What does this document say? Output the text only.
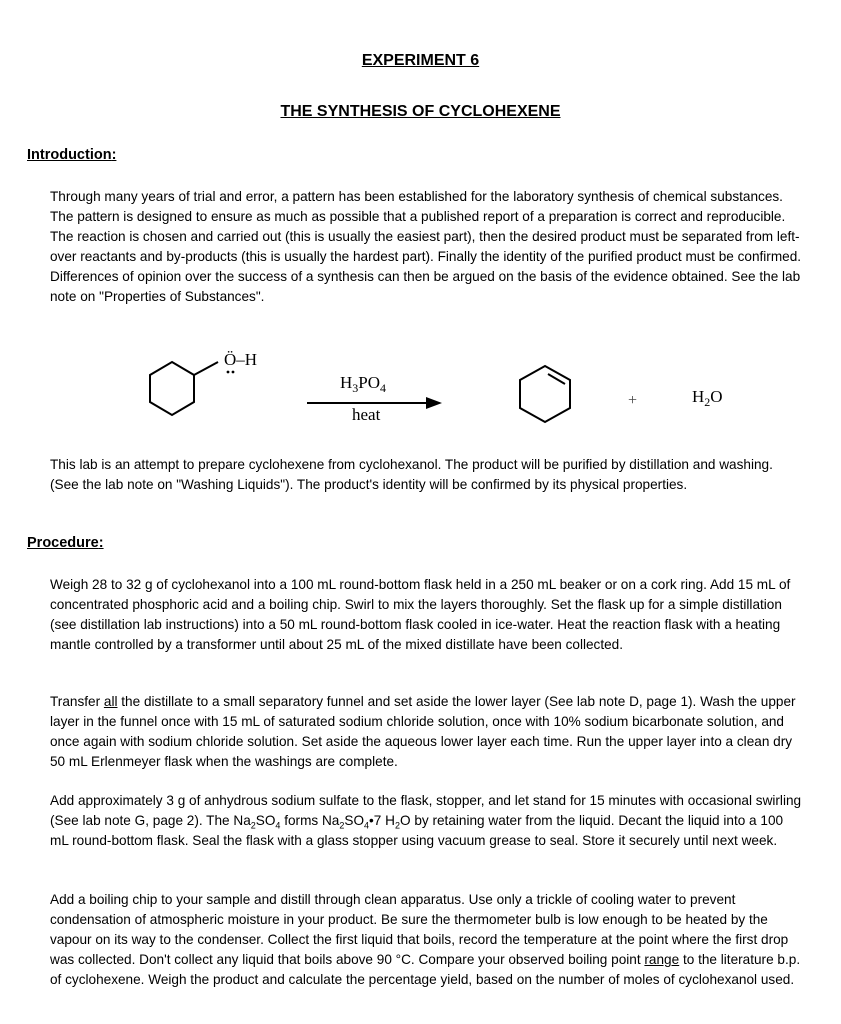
EXPERIMENT 6
THE SYNTHESIS OF CYCLOHEXENE
Introduction:

Through many years of trial and error, a pattern has been established for the laboratory synthesis of chemical substances. The pattern is designed to ensure as much as possible that a published report of a preparation is correct and reproducible. The reaction is chosen and carried out (this is usually the easiest part), then the desired product must be separated from left-over reactants and by-products (this is usually the hardest part). Finally the identity of the purified product must be confirmed. Differences of opinion over the success of a synthesis can then be argued on the basis of the evidence obtained. See the lab note on "Properties of Substances".

Ö–H
$H_3PO_4$
heat
+	$H_2O$

This lab is an attempt to prepare cyclohexene from cyclohexanol. The product will be purified by distillation and washing. (See the lab note on "Washing Liquids"). The product's identity will be confirmed by its physical properties.

Procedure:

Weigh 28 to 32 g of cyclohexanol into a 100 mL round-bottom flask held in a 250 mL beaker or on a cork ring. Add 15 mL of concentrated phosphoric acid and a boiling chip. Swirl to mix the layers thoroughly. Set the flask up for a simple distillation (see distillation lab instructions) into a 50 mL round-bottom flask cooled in ice-water. Heat the reaction flask with a heating mantle controlled by a transformer until about 25 mL of the mixed distillate have been collected.

Transfer all the distillate to a small separatory funnel and set aside the lower layer (See lab note D, page 1). Wash the upper layer in the funnel once with 15 mL of saturated sodium chloride solution, once with 10% sodium bicarbonate solution, and once again with sodium chloride solution. Set aside the aqueous lower layer each time. Run the upper layer into a clean dry 50 mL Erlenmeyer flask when the washings are complete.

Add approximately 3 g of anhydrous sodium sulfate to the flask, stopper, and let stand for 15 minutes with occasional swirling (See lab note G, page 2). The $Na_2SO_4$ forms $Na_2SO_4•7$ $H_2O$ by retaining water from the liquid. Decant the liquid into a 100 mL round-bottom flask. Seal the flask with a glass stopper using vacuum grease to seal. Store it securely until next week.

Add a boiling chip to your sample and distill through clean apparatus. Use only a trickle of cooling water to prevent condensation of atmospheric moisture in your product. Be sure the thermometer bulb is low enough to be heated by the vapour on its way to the condenser. Collect the first liquid that boils, record the temperature at the point where the first drop was collected. Don't collect any liquid that boils above 90 °C. Compare your observed boiling point range to the literature b.p. of cyclohexene. Weigh the product and calculate the percentage yield, based on the number of moles of cyclohexanol used.
